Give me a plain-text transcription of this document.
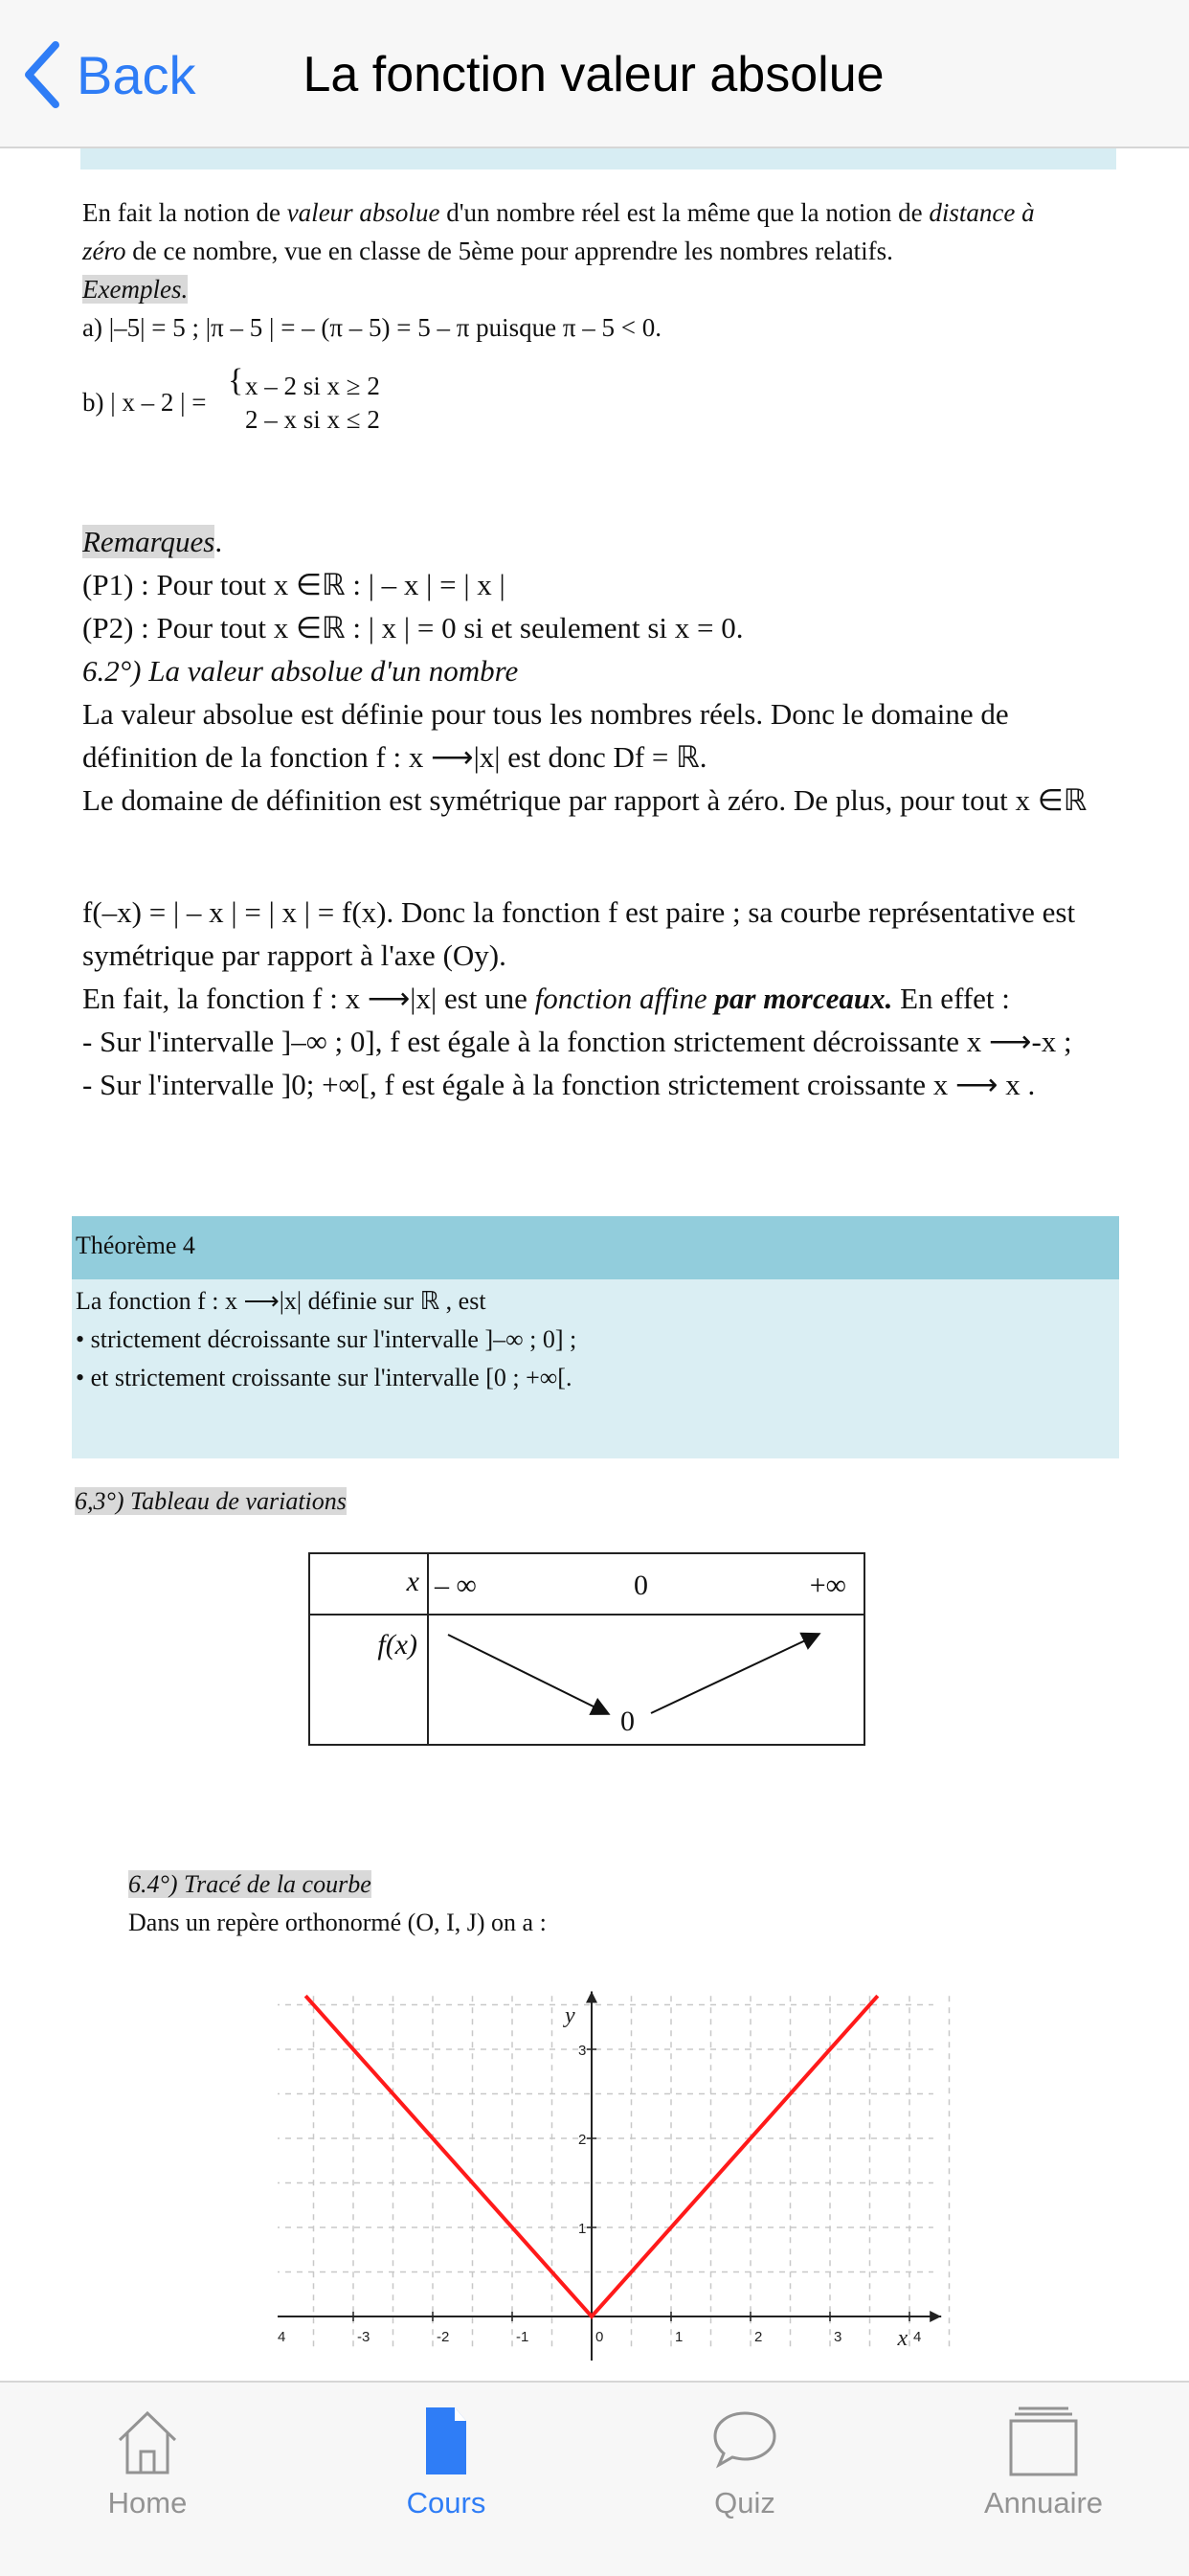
Back	La fonction valeur absolue
En fait la notion de valeur absolue d'un nombre réel est la même que la notion de distance à
zéro de ce nombre, vue en classe de 5ème pour apprendre les nombres relatifs.
Exemples.
a) |–5| = 5 ; |π – 5 | = – (π – 5) = 5 – π puisque π – 5 < 0.
b) | x – 2 | =
{ x – 2 si x ≥ 2
2 – x si x ≤ 2
Remarques.
(P1) : Pour tout x ∈ℝ : | – x | = | x |
(P2) : Pour tout x ∈ℝ : | x | = 0 si et seulement si x = 0.
6.2°) La valeur absolue d'un nombre
La valeur absolue est définie pour tous les nombres réels. Donc le domaine de
définition de la fonction f : x ⟶|x| est donc Df = ℝ.
Le domaine de définition est symétrique par rapport à zéro. De plus, pour tout x ∈ℝ
f(–x) = | – x | = | x | = f(x). Donc la fonction f est paire ; sa courbe représentative est
symétrique par rapport à l'axe (Oy).
En fait, la fonction f : x ⟶|x| est une fonction affine par morceaux. En effet :
- Sur l'intervalle ]–∞ ; 0], f est égale à la fonction strictement décroissante x ⟶-x ;
- Sur l'intervalle ]0; +∞[, f est égale à la fonction strictement croissante x ⟶ x .
Théorème 4
La fonction f : x ⟶|x| définie sur ℝ , est
• strictement décroissante sur l'intervalle ]–∞ ; 0] ;
• et strictement croissante sur l'intervalle [0 ; +∞[.
6,3°) Tableau de variations
x	– ∞ 0 +∞

f(x)	0
6.4°) Tracé de la courbe
Dans un repère orthonormé (O, I, J) on a :
4	-3	-2	-1	0	1	2	3	4
1
2
3
x
y
Home	Cours	Quiz	Annuaire
